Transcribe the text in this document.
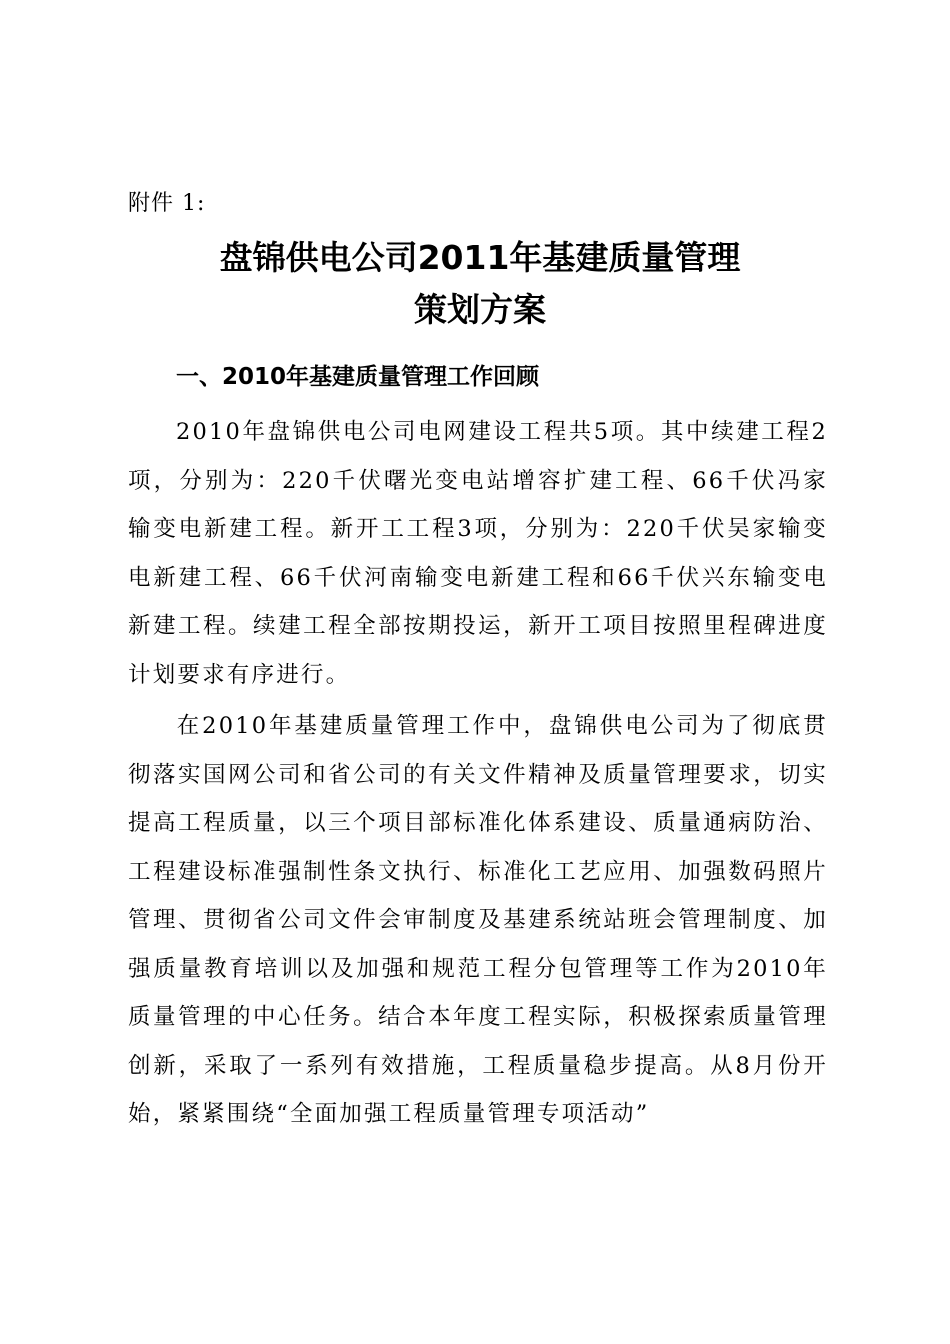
附件 1:
盘锦供电公司2011年基建质量管理
策划方案
一、2010年基建质量管理工作回顾
2010年盘锦供电公司电网建设工程共5项。其中续建工程2项，分别为：220千伏曙光变电站增容扩建工程、66千伏冯家输变电新建工程。新开工工程3项，分别为：220千伏吴家输变电新建工程、66千伏河南输变电新建工程和66千伏兴东输变电新建工程。续建工程全部按期投运，新开工项目按照里程碑进度计划要求有序进行。
在2010年基建质量管理工作中，盘锦供电公司为了彻底贯彻落实国网公司和省公司的有关文件精神及质量管理要求，切实提高工程质量，以三个项目部标准化体系建设、质量通病防治、工程建设标准强制性条文执行、标准化工艺应用、加强数码照片管理、贯彻省公司文件会审制度及基建系统站班会管理制度、加强质量教育培训以及加强和规范工程分包管理等工作为2010年质量管理的中心任务。结合本年度工程实际，积极探索质量管理创新，采取了一系列有效措施，工程质量稳步提高。从8月份开始，紧紧围绕“全面加强工程质量管理专项活动”
